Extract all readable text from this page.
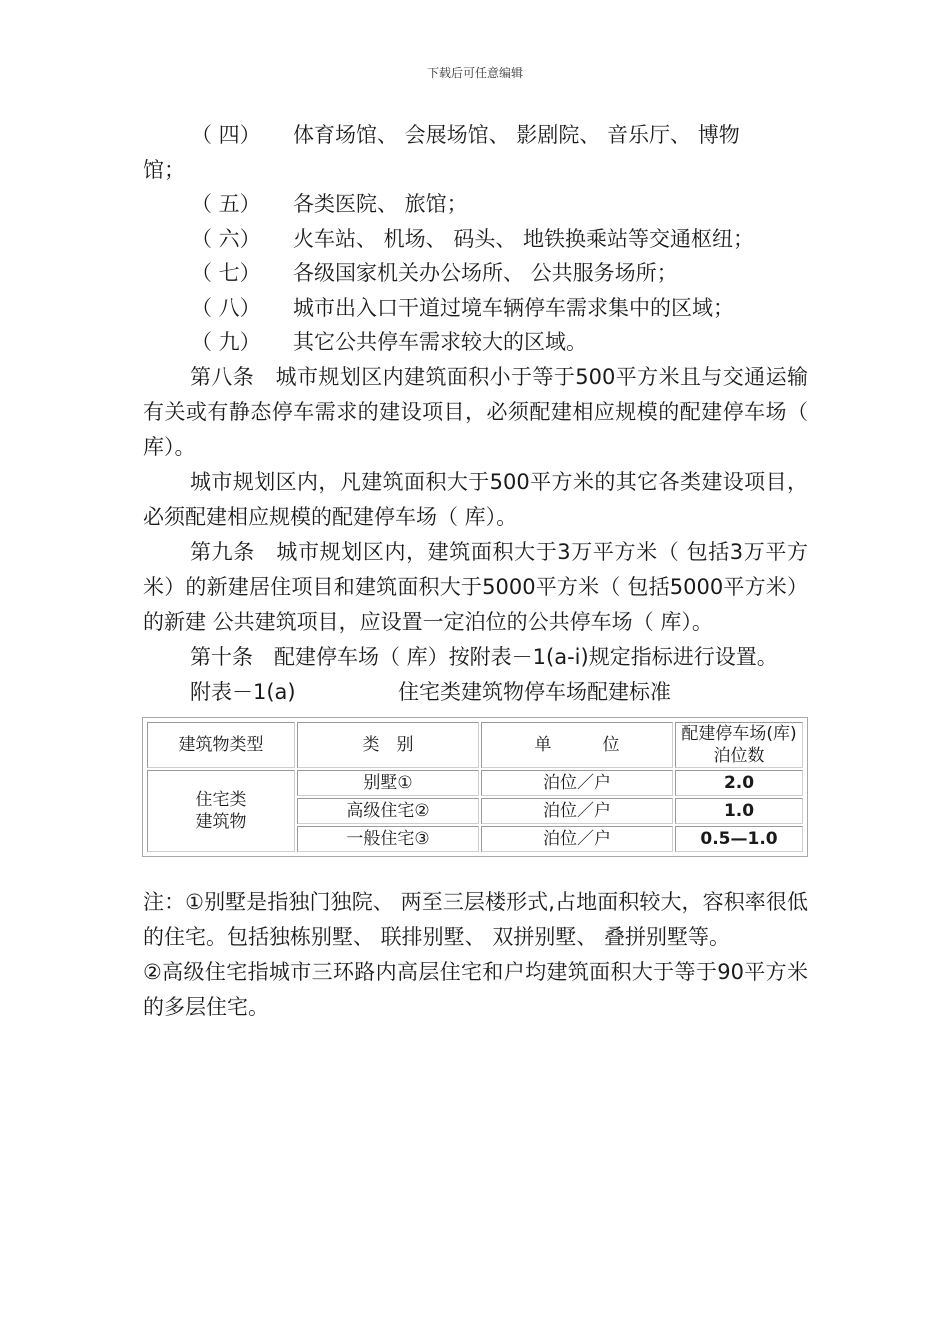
下载后可任意编辑
（ 四） 体育场馆、 会展场馆、 影剧院、 音乐厅、 博物
馆；
（ 五） 各类医院、 旅馆；
（ 六） 火车站、 机场、 码头、 地铁换乘站等交通枢纽；
（ 七） 各级国家机关办公场所、 公共服务场所；
（ 八） 城市出入口干道过境车辆停车需求集中的区域；
（ 九） 其它公共停车需求较大的区域。

第八条　城市规划区内建筑面积小于等于500平方米且与交通运输有关或有静态停车需求的建设项目，必须配建相应规模的配建停车场（ 库）。

城市规划区内，凡建筑面积大于500平方米的其它各类建设项目，必须配建相应规模的配建停车场（ 库）。

第九条　城市规划区内，建筑面积大于3万平方米（ 包括3万平方米）的新建居住项目和建筑面积大于5000平方米（ 包括5000平方米）的新建 公共建筑项目，应设置一定泊位的公共停车场（ 库）。

第十条　配建停车场（ 库）按附表－1(a-i)规定指标进行设置。

附表－1(a)	住宅类建筑物停车场配建标准
建筑物类型	类　别	单　　　位	配建停车场(库) 泊位数
住宅类
建筑物	别墅①	泊位／户	2.0
	高级住宅②	泊位／户	1.0
	一般住宅③	泊位／户	0.5—1.0

注：①别墅是指独门独院、 两至三层楼形式,占地面积较大，容积率很低的住宅。包括独栋别墅、 联排别墅、 双拼别墅、 叠拼别墅等。

②高级住宅指城市三环路内高层住宅和户均建筑面积大于等于90平方米的多层住宅。
